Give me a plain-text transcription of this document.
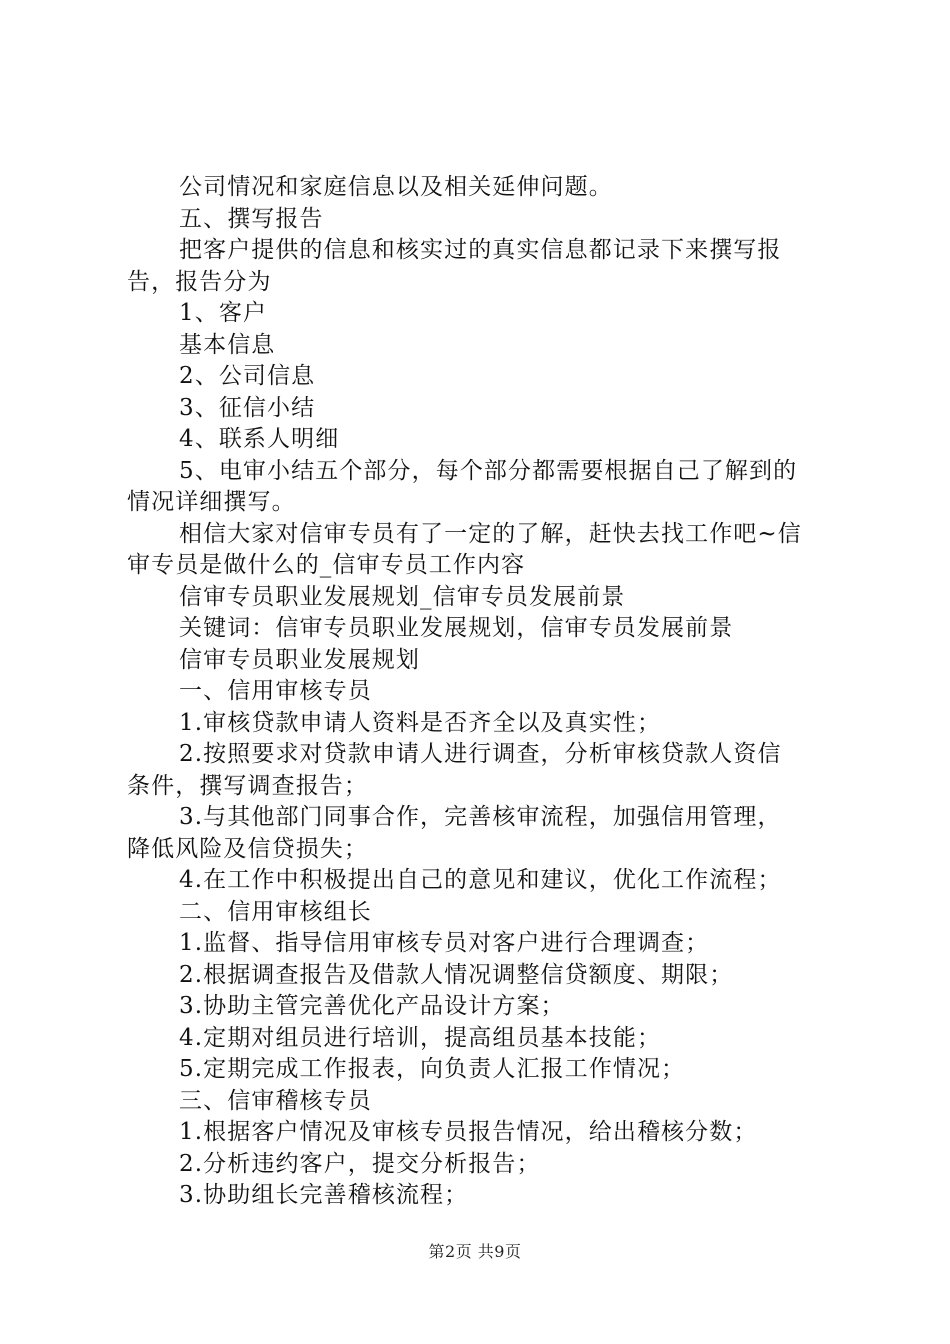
公司情况和家庭信息以及相关延伸问题。
五、撰写报告
把客户提供的信息和核实过的真实信息都记录下来撰写报
告，报告分为
1、客户
基本信息
2、公司信息
3、征信小结
4、联系人明细
5、电审小结五个部分，每个部分都需要根据自己了解到的
情况详细撰写。
相信大家对信审专员有了一定的了解，赶快去找工作吧~信
审专员是做什么的_信审专员工作内容
信审专员职业发展规划_信审专员发展前景
关键词：信审专员职业发展规划，信审专员发展前景
信审专员职业发展规划
一、信用审核专员
1.审核贷款申请人资料是否齐全以及真实性；
2.按照要求对贷款申请人进行调查，分析审核贷款人资信
条件，撰写调查报告；
3.与其他部门同事合作，完善核审流程，加强信用管理，
降低风险及信贷损失；
4.在工作中积极提出自己的意见和建议，优化工作流程；
二、信用审核组长
1.监督、指导信用审核专员对客户进行合理调查；
2.根据调查报告及借款人情况调整信贷额度、期限；
3.协助主管完善优化产品设计方案；
4.定期对组员进行培训，提高组员基本技能；
5.定期完成工作报表，向负责人汇报工作情况；
三、信审稽核专员
1.根据客户情况及审核专员报告情况，给出稽核分数；
2.分析违约客户，提交分析报告；
3.协助组长完善稽核流程；
第2页 共9页
